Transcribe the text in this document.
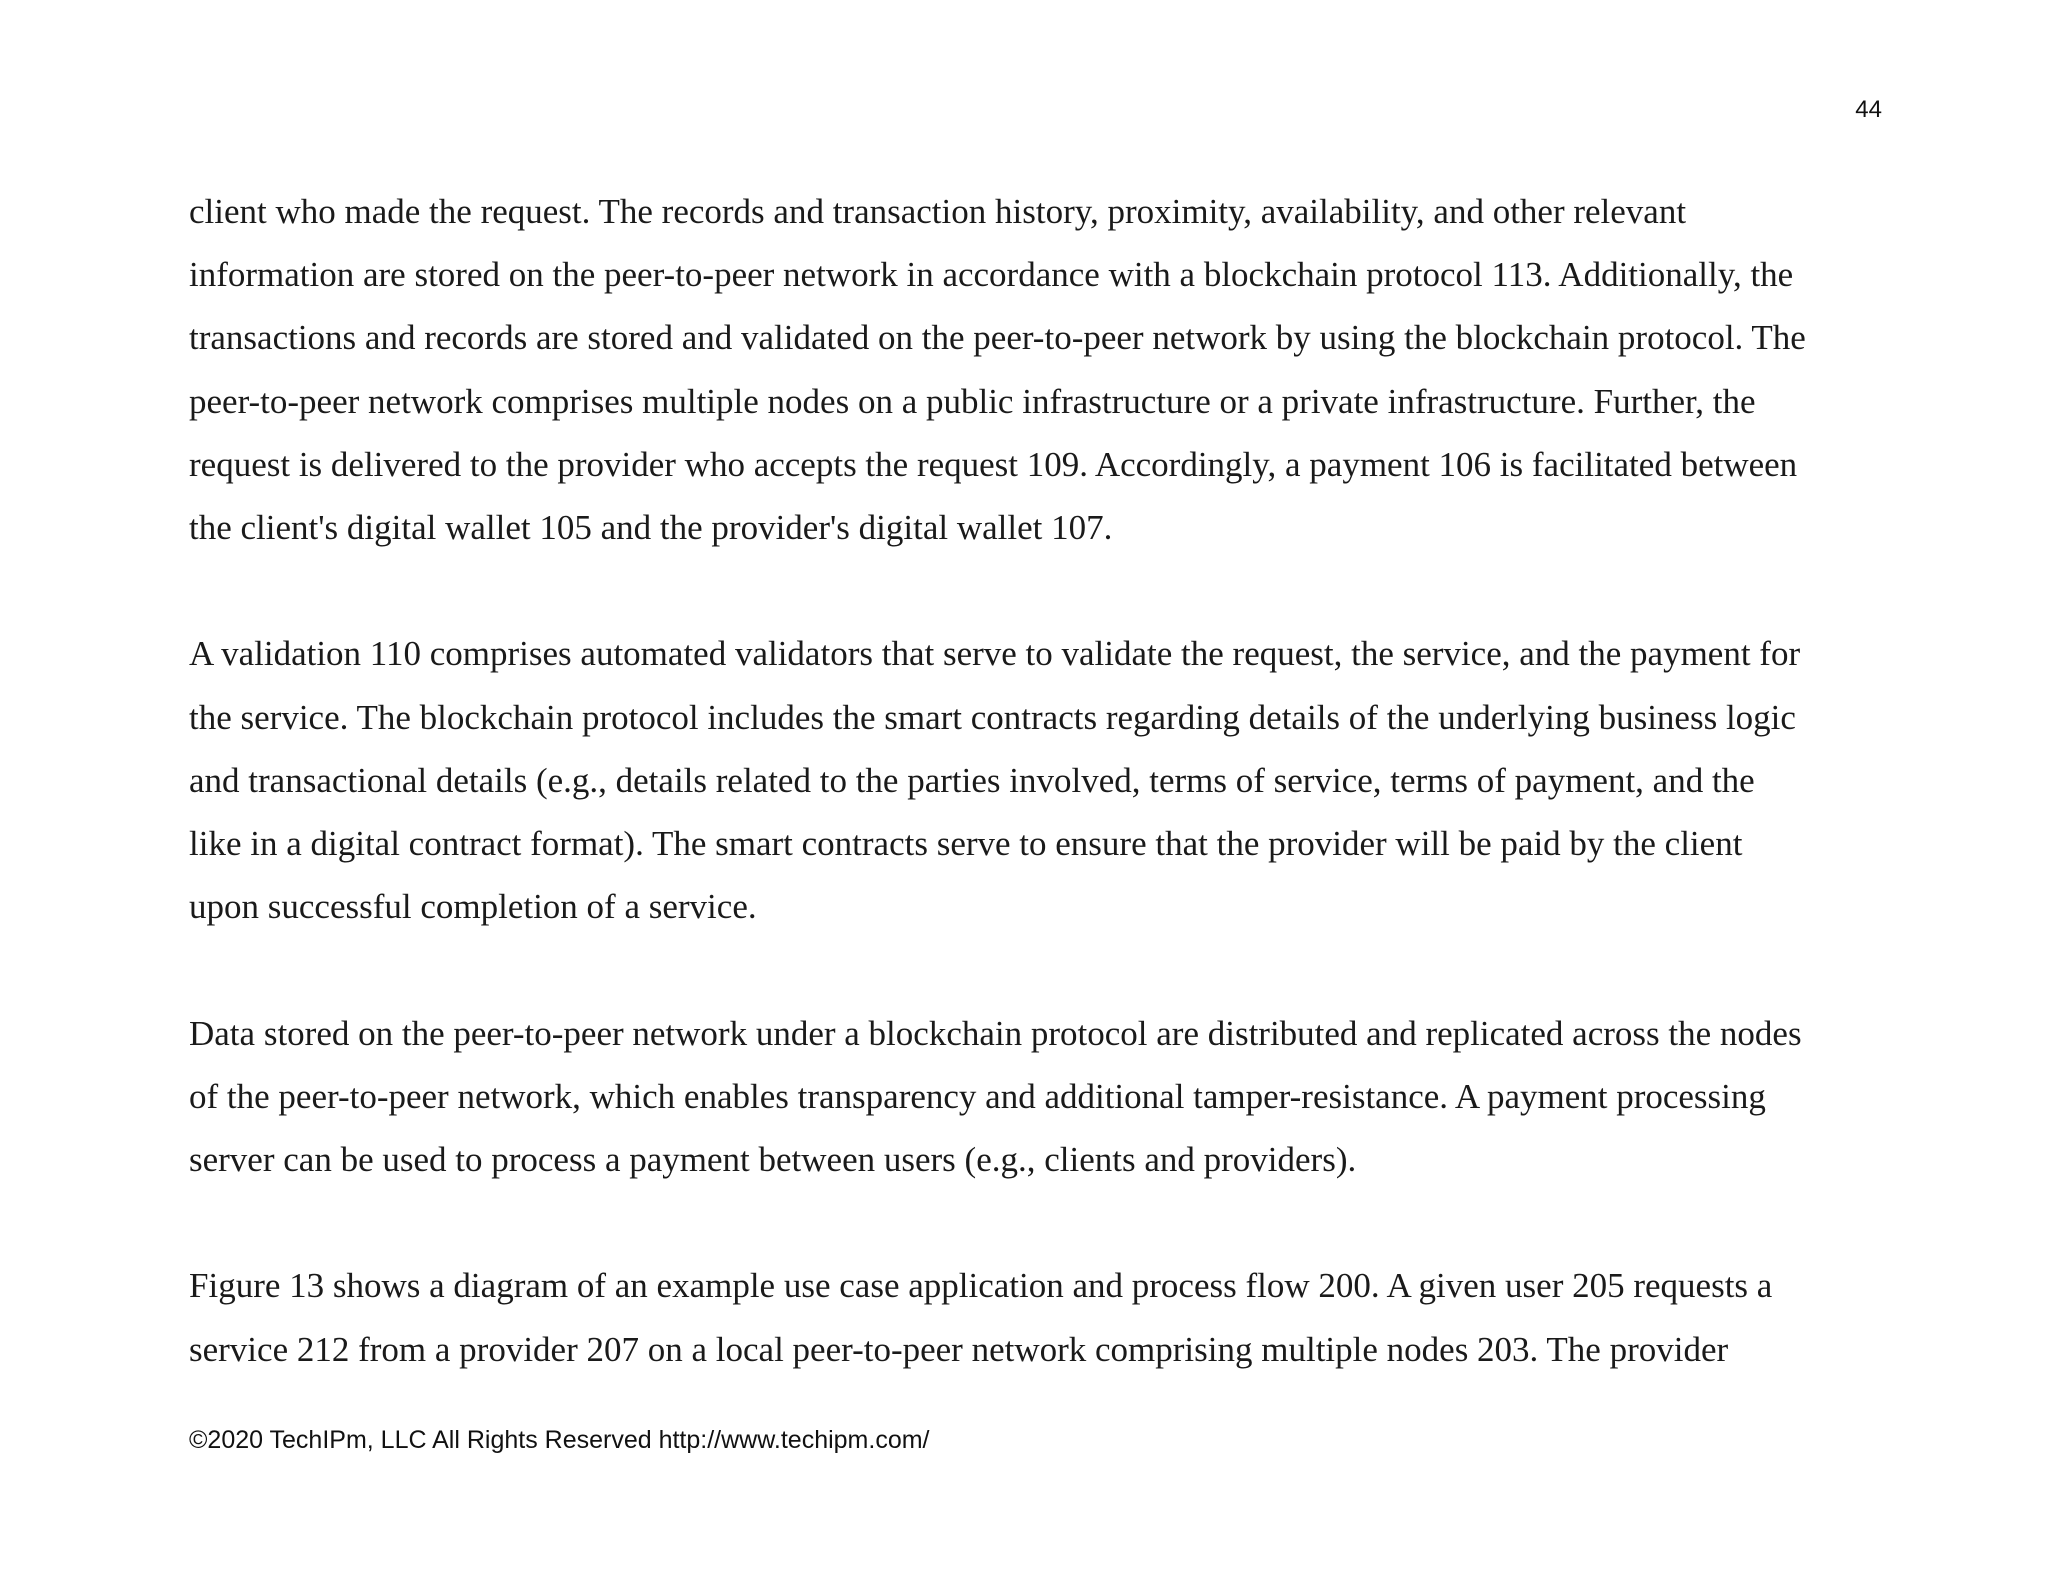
44

client who made the request. The records and transaction history, proximity, availability, and other relevant
information are stored on the peer-to-peer network in accordance with a blockchain protocol 113. Additionally, the
transactions and records are stored and validated on the peer-to-peer network by using the blockchain protocol. The
peer-to-peer network comprises multiple nodes on a public infrastructure or a private infrastructure. Further, the
request is delivered to the provider who accepts the request 109. Accordingly, a payment 106 is facilitated between
the client's digital wallet 105 and the provider's digital wallet 107.

A validation 110 comprises automated validators that serve to validate the request, the service, and the payment for
the service. The blockchain protocol includes the smart contracts regarding details of the underlying business logic
and transactional details (e.g., details related to the parties involved, terms of service, terms of payment, and the
like in a digital contract format). The smart contracts serve to ensure that the provider will be paid by the client
upon successful completion of a service.

Data stored on the peer-to-peer network under a blockchain protocol are distributed and replicated across the nodes
of the peer-to-peer network, which enables transparency and additional tamper-resistance. A payment processing
server can be used to process a payment between users (e.g., clients and providers).

Figure 13 shows a diagram of an example use case application and process flow 200. A given user 205 requests a
service 212 from a provider 207 on a local peer-to-peer network comprising multiple nodes 203. The provider

©2020 TechIPm, LLC All Rights Reserved http://www.techipm.com/
